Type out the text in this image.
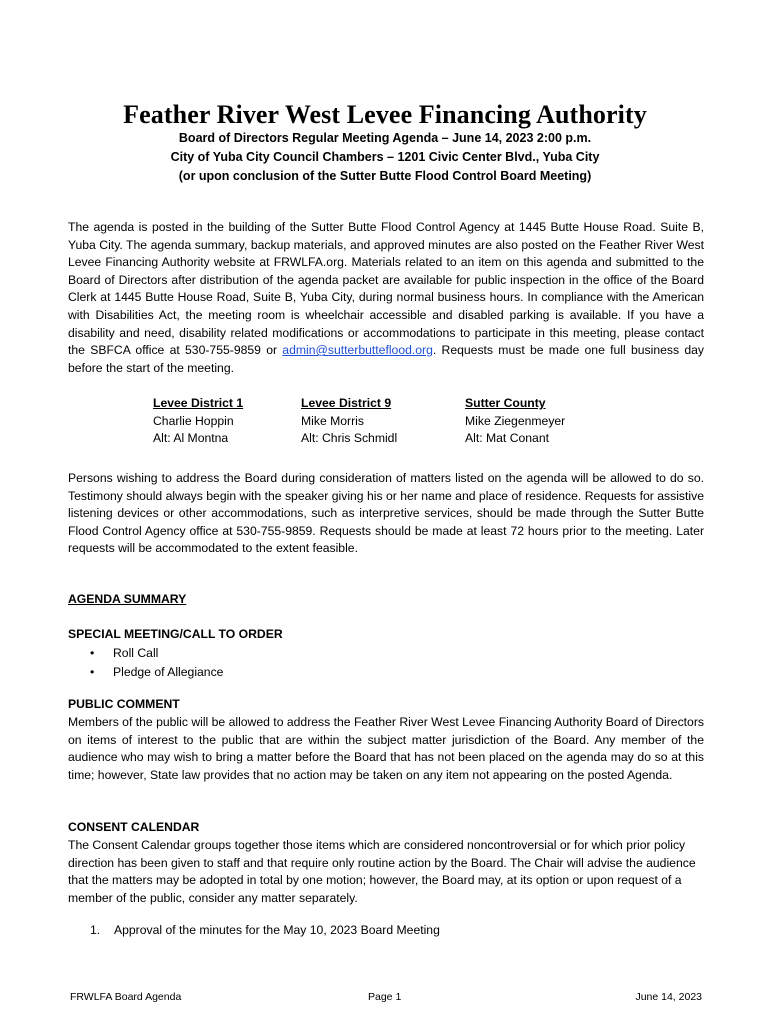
Feather River West Levee Financing Authority
Board of Directors Regular Meeting Agenda – June 14, 2023 2:00 p.m.
City of Yuba City Council Chambers – 1201 Civic Center Blvd., Yuba City
(or upon conclusion of the Sutter Butte Flood Control Board Meeting)
The agenda is posted in the building of the Sutter Butte Flood Control Agency at 1445 Butte House Road. Suite B, Yuba City. The agenda summary, backup materials, and approved minutes are also posted on the Feather River West Levee Financing Authority website at FRWLFA.org. Materials related to an item on this agenda and submitted to the Board of Directors after distribution of the agenda packet are available for public inspection in the office of the Board Clerk at 1445 Butte House Road, Suite B, Yuba City, during normal business hours. In compliance with the American with Disabilities Act, the meeting room is wheelchair accessible and disabled parking is available. If you have a disability and need, disability related modifications or accommodations to participate in this meeting, please contact the SBFCA office at 530-755-9859 or admin@sutterbutteflood.org. Requests must be made one full business day before the start of the meeting.
Levee District 1
Charlie Hoppin
Alt: Al Montna
Levee District 9
Mike Morris
Alt: Chris Schmidl
Sutter County
Mike Ziegenmeyer
Alt: Mat Conant
Persons wishing to address the Board during consideration of matters listed on the agenda will be allowed to do so. Testimony should always begin with the speaker giving his or her name and place of residence. Requests for assistive listening devices or other accommodations, such as interpretive services, should be made through the Sutter Butte Flood Control Agency office at 530-755-9859. Requests should be made at least 72 hours prior to the meeting. Later requests will be accommodated to the extent feasible.
AGENDA SUMMARY
SPECIAL MEETING/CALL TO ORDER
• Roll Call
• Pledge of Allegiance
PUBLIC COMMENT
Members of the public will be allowed to address the Feather River West Levee Financing Authority Board of Directors on items of interest to the public that are within the subject matter jurisdiction of the Board. Any member of the audience who may wish to bring a matter before the Board that has not been placed on the agenda may do so at this time; however, State law provides that no action may be taken on any item not appearing on the posted Agenda.
CONSENT CALENDAR
The Consent Calendar groups together those items which are considered noncontroversial or for which prior policy direction has been given to staff and that require only routine action by the Board. The Chair will advise the audience that the matters may be adopted in total by one motion; however, the Board may, at its option or upon request of a member of the public, consider any matter separately.
1. Approval of the minutes for the May 10, 2023 Board Meeting
FRWLFA Board Agenda	Page 1	June 14, 2023
